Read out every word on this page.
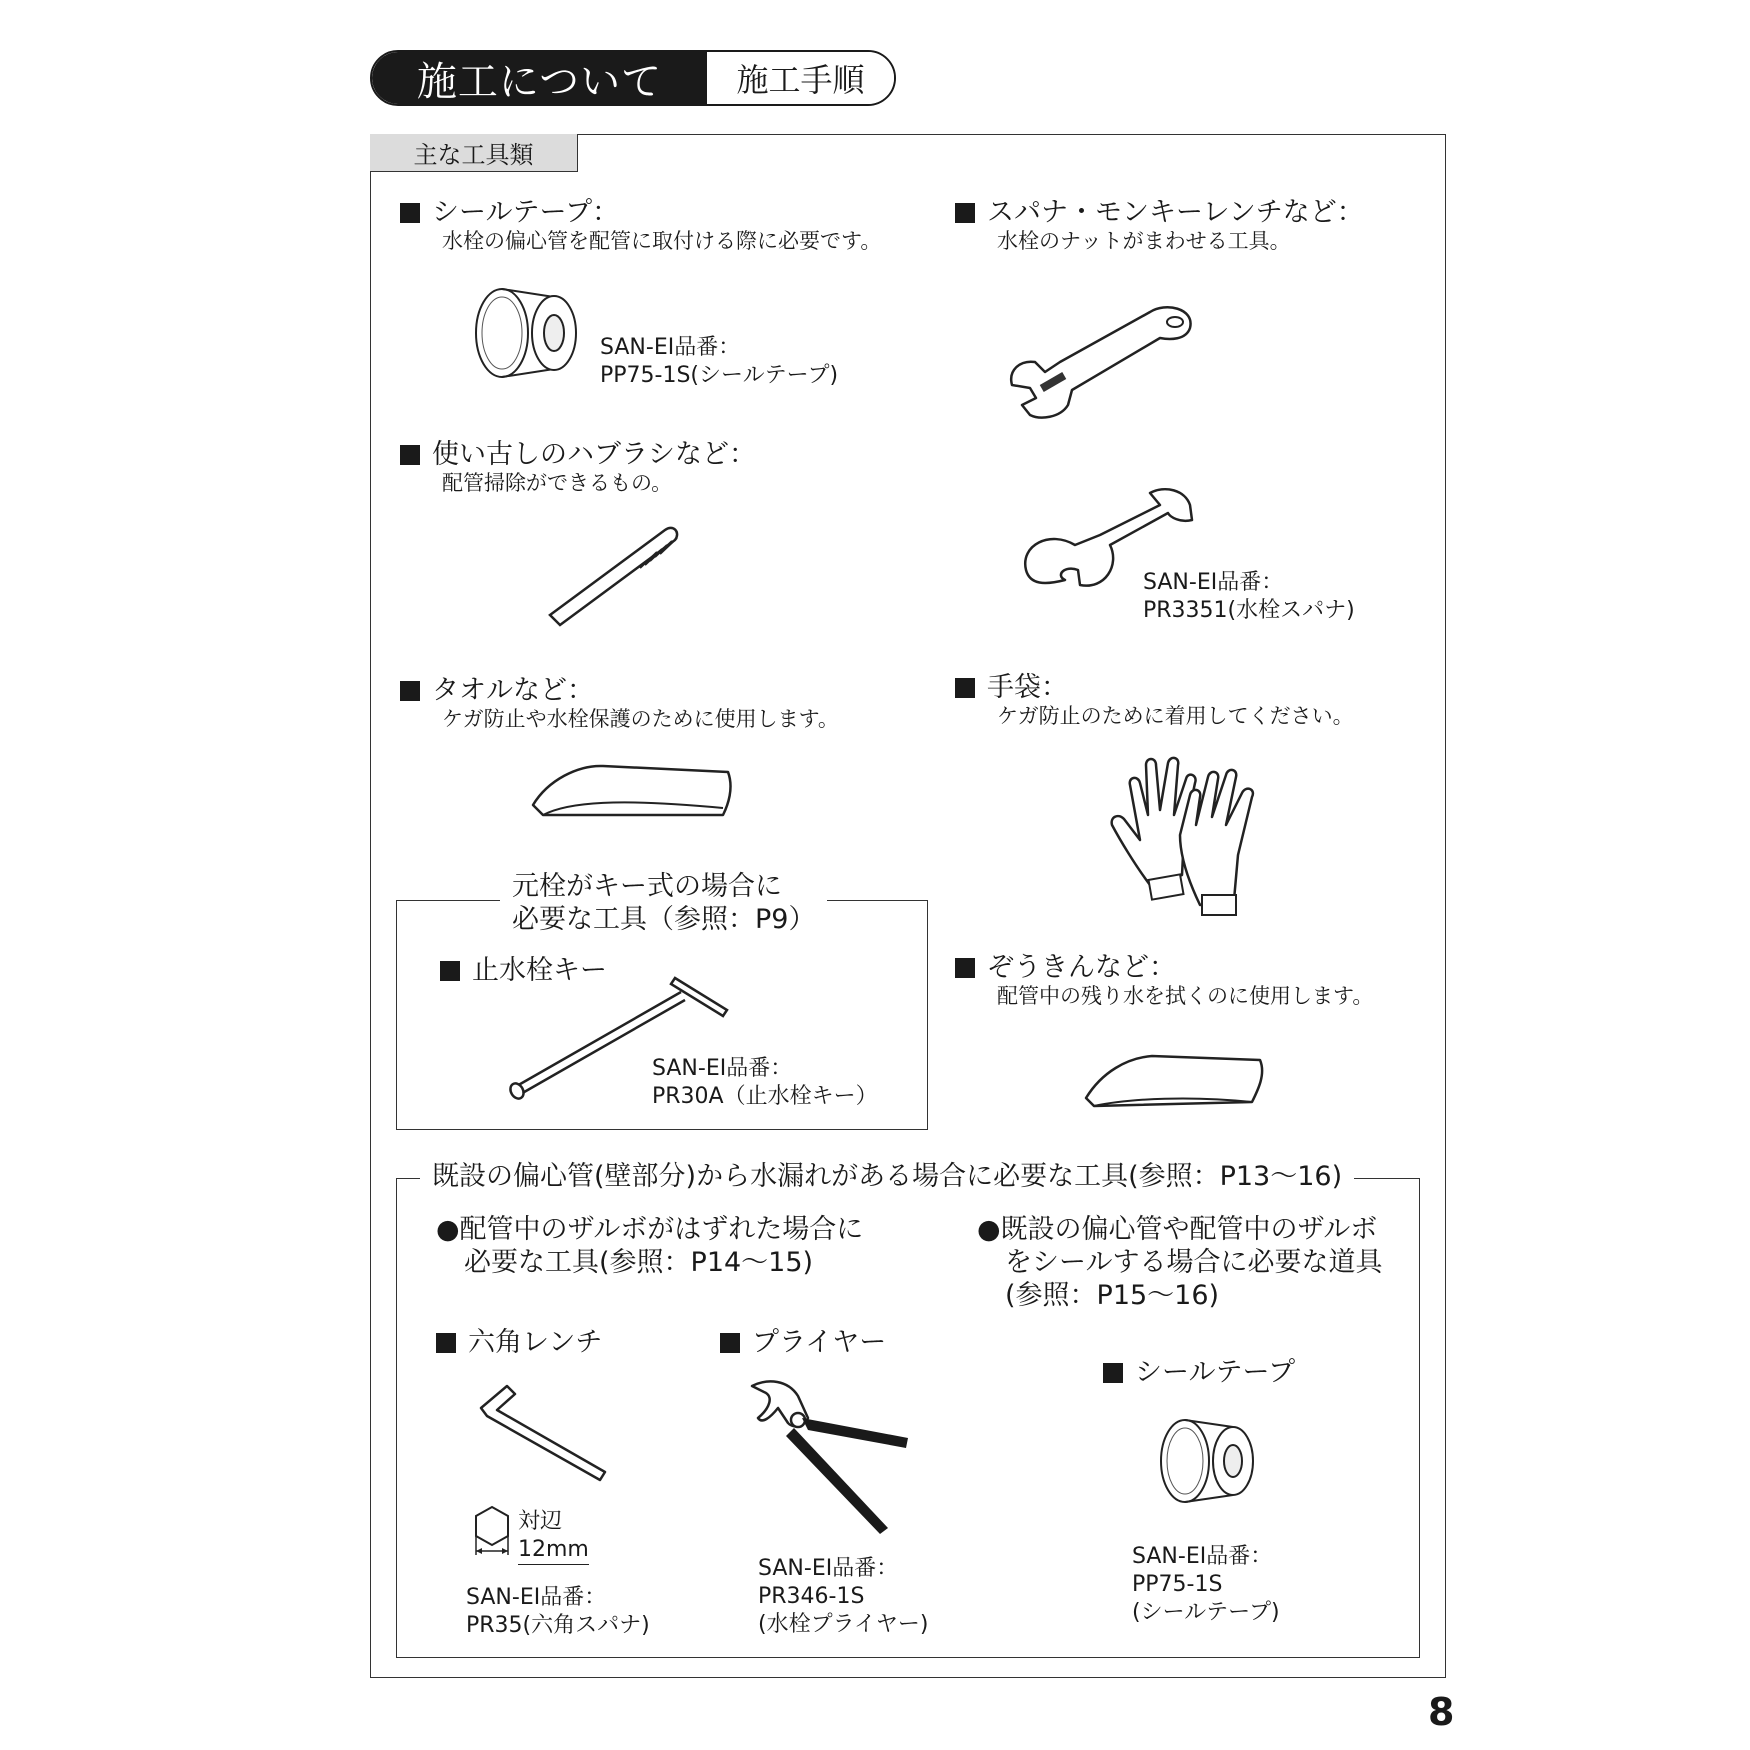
施工について	施工手順
主な工具類
シールテープ：
水栓の偏心管を配管に取付ける際に必要です。
SAN-EI品番：
PP75-1S(シールテープ)
スパナ・モンキーレンチなど：
水栓のナットがまわせる工具。
SAN-EI品番：
PR3351(水栓スパナ)
使い古しのハブラシなど：
配管掃除ができるもの。
タオルなど：
ケガ防止や水栓保護のために使用します。
手袋：
ケガ防止のために着用してください。
ぞうきんなど：
配管中の残り水を拭くのに使用します。
元栓がキー式の場合に
必要な工具（参照：P9）
止水栓キー
SAN-EI品番：
PR30A（止水栓キー）
既設の偏心管(壁部分)から水漏れがある場合に必要な工具(参照：P13～16)
●配管中のザルボがはずれた場合に
必要な工具(参照：P14～15)
●既設の偏心管や配管中のザルボ
をシールする場合に必要な道具
(参照：P15～16)
六角レンチ
対辺
12mm
SAN-EI品番：
PR35(六角スパナ)
プライヤー
SAN-EI品番：
PR346-1S
(水栓プライヤー)
シールテープ
SAN-EI品番：
PP75-1S
(シールテープ)
8
